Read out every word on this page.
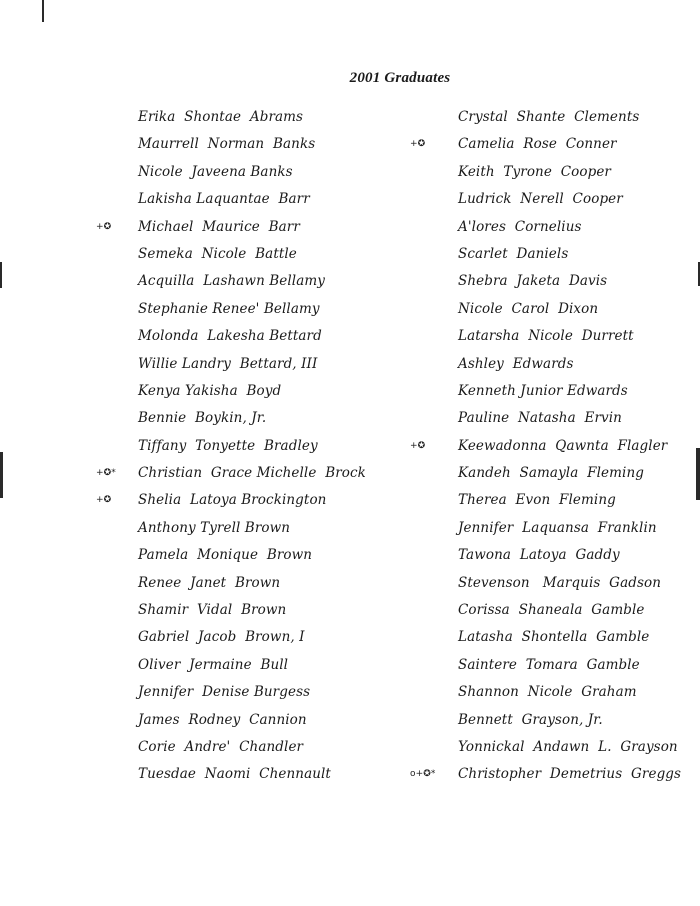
2001 Graduates
Erika  Shontae  Abrams
Maurrell  Norman  Banks
Nicole  Javeena Banks
Lakisha Laquantae  Barr
+✪	Michael  Maurice  Barr
Semeka  Nicole  Battle
Acquilla  Lashawn Bellamy
Stephanie Renee' Bellamy
Molonda  Lakesha Bettard
Willie Landry  Bettard, III
Kenya Yakisha  Boyd
Bennie  Boykin, Jr.
Tiffany  Tonyette  Bradley
+✪*	Christian  Grace Michelle  Brock
+✪	Shelia  Latoya Brockington
Anthony Tyrell Brown
Pamela  Monique  Brown
Renee  Janet  Brown
Shamir  Vidal  Brown
Gabriel  Jacob  Brown, I
Oliver  Jermaine  Bull
Jennifer  Denise Burgess
James  Rodney  Cannion
Corie  Andre'  Chandler
Tuesdae  Naomi  Chennault
Crystal  Shante  Clements
+✪	Camelia  Rose  Conner
Keith  Tyrone  Cooper
Ludrick  Nerell  Cooper
A'lores  Cornelius
Scarlet  Daniels
Shebra  Jaketa  Davis
Nicole  Carol  Dixon
Latarsha  Nicole  Durrett
Ashley  Edwards
Kenneth Junior Edwards
Pauline  Natasha  Ervin
+✪	Keewadonna  Qawnta  Flagler
Kandeh  Samayla  Fleming
Therea  Evon  Fleming
Jennifer  Laquansa  Franklin
Tawona  Latoya  Gaddy
Stevenson   Marquis  Gadson
Corissa  Shaneala  Gamble
Latasha  Shontella  Gamble
Saintere  Tomara  Gamble
Shannon  Nicole  Graham
Bennett  Grayson, Jr.
Yonnickal  Andawn  L.  Grayson
o+✪*	Christopher  Demetrius  Greggs
